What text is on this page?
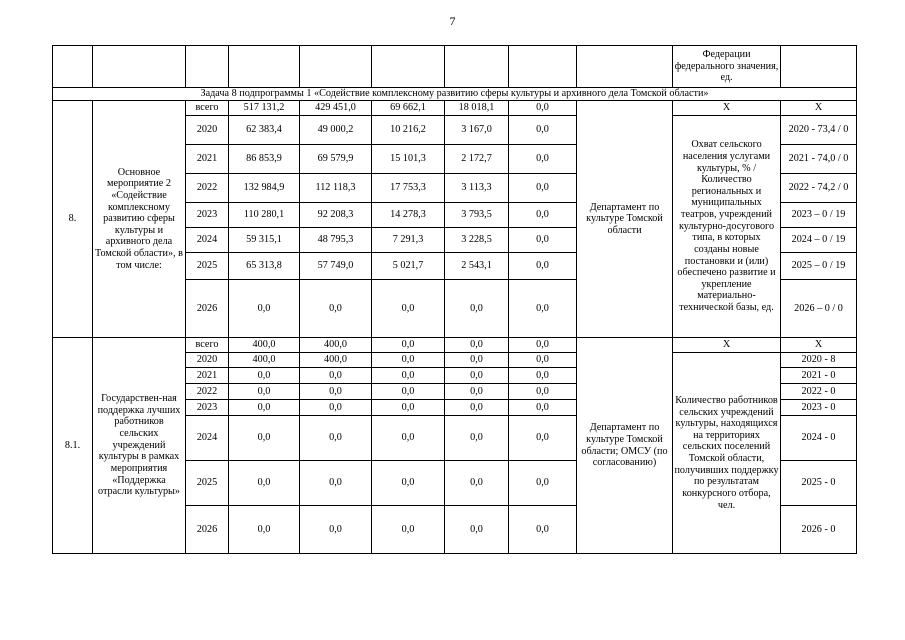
7
									Федерации федерального значения, ед.	
Задача 8 подпрограммы 1 «Содействие комплексному развитию сферы культуры и архивного дела Томской области»										
8.	Основное мероприятие 2 «Содействие комплексному развитию сферы культуры и архивного дела Томской области», в том числе:	всего	517 131,2	429 451,0	69 662,1	18 018,1	0,0	Департамент по культуре Томской области	Х	Х
		2020	62 383,4	49 000,2	10 216,2	3 167,0	0,0		Охват сельского населения услугами культуры, % / Количество региональных и муниципальных театров, учреждений культурно-досугового типа, в которых созданы новые постановки и (или) обеспечено развитие и укрепление материально-технической базы, ед.	2020 - 73,4 / 0
		2021	86 853,9	69 579,9	15 101,3	2 172,7	0,0			2021 - 74,0 / 0
		2022	132 984,9	112 118,3	17 753,3	3 113,3	0,0			2022 - 74,2 / 0
		2023	110 280,1	92 208,3	14 278,3	3 793,5	0,0			2023 – 0 / 19
		2024	59 315,1	48 795,3	7 291,3	3 228,5	0,0			2024 – 0 / 19
		2025	65 313,8	57 749,0	5 021,7	2 543,1	0,0			2025 – 0 / 19
		2026	0,0	0,0	0,0	0,0	0,0			2026 – 0 / 0
8.1.	Государствен-ная поддержка лучших работников сельских учреждений культуры в рамках мероприятия «Поддержка отрасли культуры»	всего	400,0	400,0	0,0	0,0	0,0	Департамент по культуре Томской области; ОМСУ (по согласованию)	Х	Х
		2020	400,0	400,0	0,0	0,0	0,0		Количество работников сельских учреждений культуры, находящихся на территориях сельских поселений Томской области, получивших поддержку по результатам конкурсного отбора, чел.	2020 - 8
		2021	0,0	0,0	0,0	0,0	0,0			2021 - 0
		2022	0,0	0,0	0,0	0,0	0,0			2022 - 0
		2023	0,0	0,0	0,0	0,0	0,0			2023 - 0
		2024	0,0	0,0	0,0	0,0	0,0			2024 - 0
		2025	0,0	0,0	0,0	0,0	0,0			2025 - 0
		2026	0,0	0,0	0,0	0,0	0,0			2026 - 0
